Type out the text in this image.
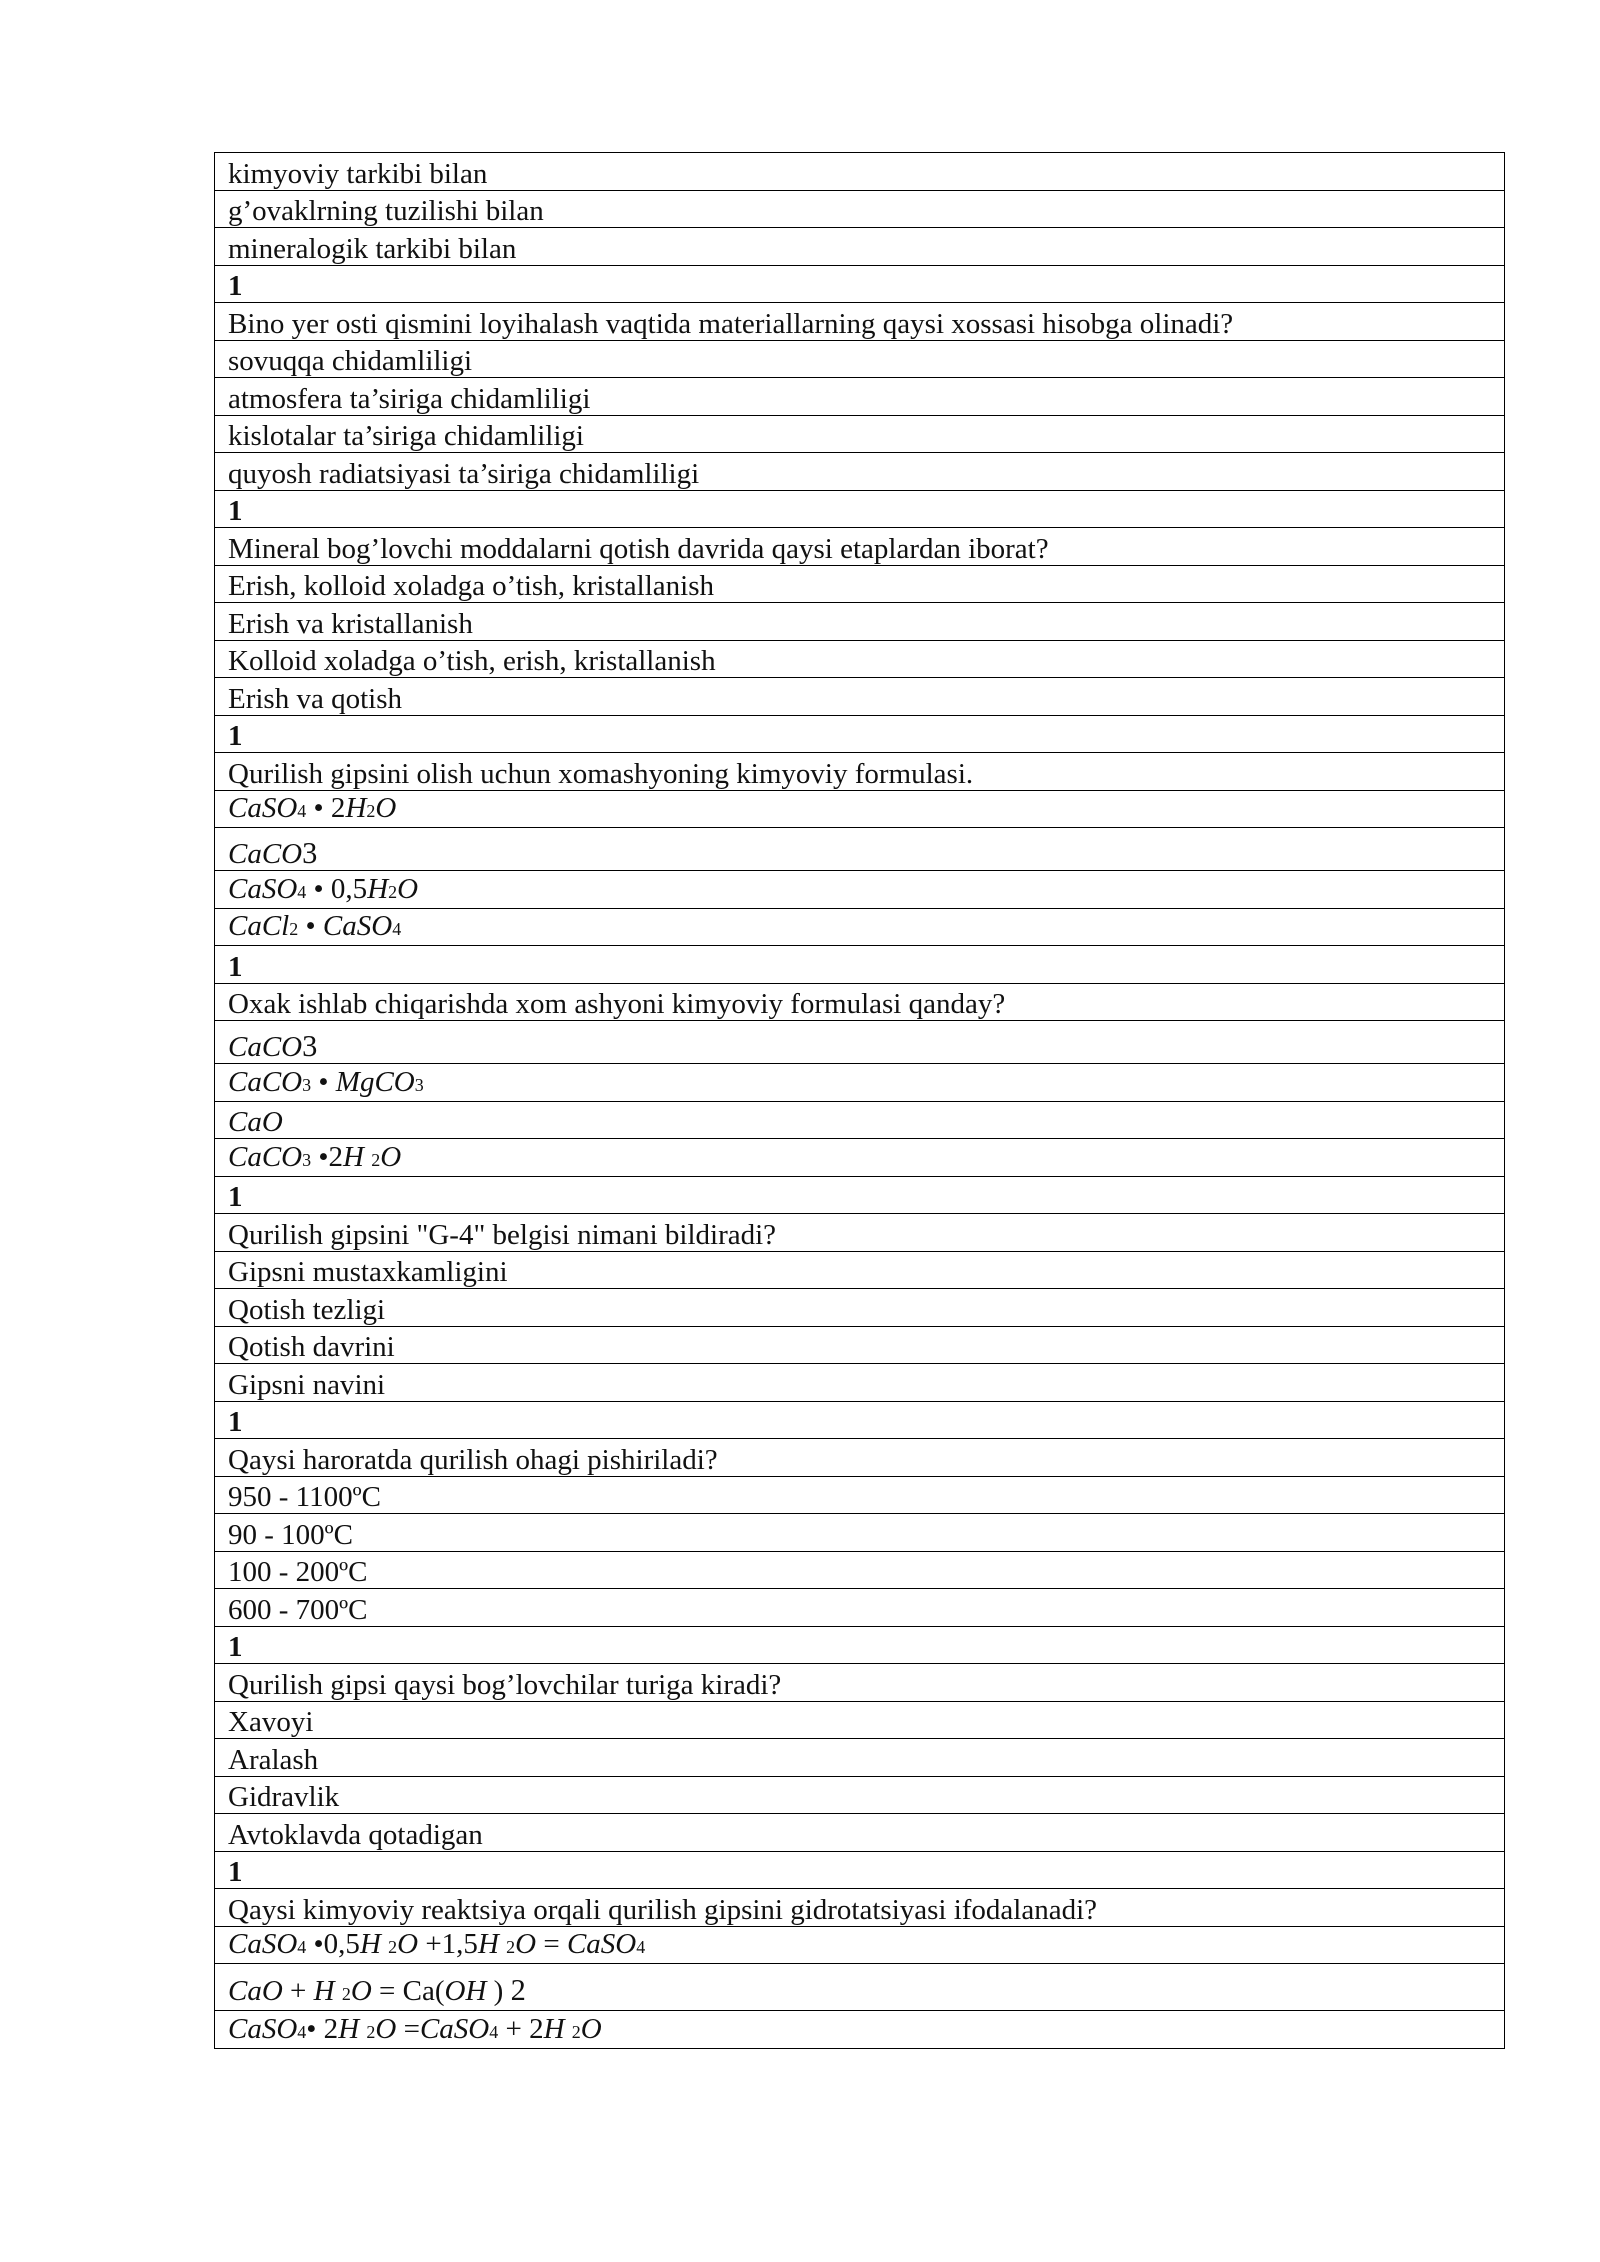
kimyoviy tarkibi bilan
g’ovaklrning tuzilishi bilan
mineralogik tarkibi bilan
1
Bino yer osti qismini loyihalash vaqtida materiallarning qaysi xossasi hisobga olinadi?
sovuqqa chidamliligi
atmosfera ta’siriga chidamliligi
kislotalar ta’siriga chidamliligi
quyosh radiatsiyasi ta’siriga chidamliligi
1
Mineral bog’lovchi moddalarni qotish davrida qaysi etaplardan iborat?
Erish, kolloid xoladga o’tish, kristallanish
Erish va kristallanish
Kolloid xoladga o’tish, erish, kristallanish
Erish va qotish
1
Qurilish gipsini olish uchun xomashyoning kimyoviy formulasi.
CaSO4 • 2H2O
CaCO3
CaSO4 • 0,5H2O
CaCl2 • CaSO4
1
Oxak ishlab chiqarishda xom ashyoni kimyoviy formulasi qanday?
CaCO3
CaCO3 • MgCO3
CaO
CaCO3 •2H 2O
1
Qurilish gipsini "G-4" belgisi nimani bildiradi?
Gipsni mustaxkamligini
Qotish tezligi
Qotish davrini
Gipsni navini
1
Qaysi haroratda qurilish ohagi pishiriladi?
950 - 1100ºC
90 - 100ºC
100 - 200ºC
600 - 700ºC
1
Qurilish gipsi qaysi bog’lovchilar turiga kiradi?
Xavoyi
Aralash
Gidravlik
Avtoklavda qotadigan
1
Qaysi kimyoviy reaktsiya orqali qurilish gipsini gidrotatsiyasi ifodalanadi?
CaSO4 •0,5H 2O +1,5H 2O = CaSO4
CaO + H 2O = Ca(OH ) 2
CaSO4• 2H 2O =CaSO4 + 2H 2O
